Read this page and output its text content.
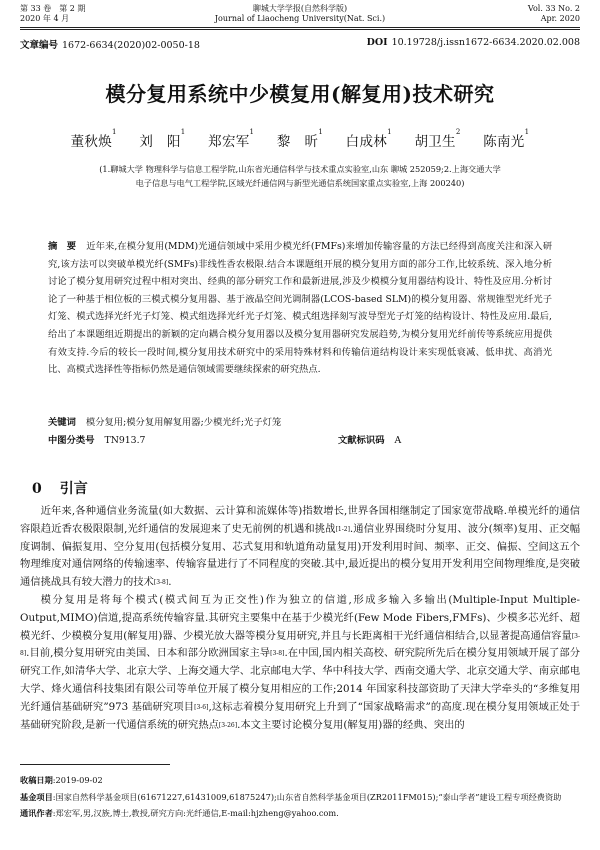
第 33 卷　第 2 期
2020 年 4 月
聊城大学学报(自然科学版)
Journal of Liaocheng University(Nat. Sci.)
Vol. 33 No. 2
Apr. 2020
文章编号 1672-6634(2020)02-0050-18	DOI 10.19728/j.issn1672-6634.2020.02.008
模分复用系统中少模复用(解复用)技术研究
董秋焕$^1$ 刘　阳$^1$ 郑宏军$^1$ 黎　昕$^1$ 白成林$^1$ 胡卫生$^2$ 陈南光$^1$
(1.聊城大学 物理科学与信息工程学院,山东省光通信科学与技术重点实验室,山东 聊城 252059;2.上海交通大学
电子信息与电气工程学院,区域光纤通信网与新型光通信系统国家重点实验室,上海 200240)
摘　要 近年来,在模分复用(MDM)光通信领域中采用少模光纤(FMFs)来增加传输容量的方法已经得到高度关注和深入研究,该方法可以突破单模光纤(SMFs)非线性香农极限.结合本课题组开展的模分复用方面的部分工作,比较系统、深入地分析讨论了模分复用研究过程中相对突出、经典的部分研究工作和最新进展,涉及少模模分复用器结构设计、特性及应用.分析讨论了一种基于相位板的三模式模分复用器、基于液晶空间光调制器(LCOS-based SLM)的模分复用器、常规锥型光纤光子灯笼、模式选择光纤光子灯笼、模式组选择光纤光子灯笼、模式组选择刻写波导型光子灯笼的结构设计、特性及应用.最后,给出了本课题组近期提出的新颖的定向耦合模分复用器以及模分复用器研究发展趋势,为模分复用光纤前传等系统应用提供有效支持.今后的较长一段时间,模分复用技术研究中的采用特殊材料和传输信道结构设计来实现低衰减、低串扰、高消光比、高模式选择性等指标仍然是通信领域需要继续探索的研究热点.
关键词 模分复用;模分复用解复用器;少模光纤;光子灯笼
中图分类号 TN913.7	文献标识码 A
0 引言

近年来,各种通信业务流量(如大数据、云计算和流媒体等)指数增长,世界各国相继制定了国家宽带战略.单模光纤的通信容限趋近香农极限限制,光纤通信的发展迎来了史无前例的机遇和挑战[1-2].通信业界围绕时分复用、波分(频率)复用、正交幅度调制、偏振复用、空分复用(包括模分复用、芯式复用和轨道角动量复用)开发利用时间、频率、正交、偏振、空间这五个物理维度对通信网络的传输速率、传输容量进行了不同程度的突破.其中,最近提出的模分复用开发利用空间物理维度,是突破通信挑战具有较大潜力的技术[3-8].

模分复用是将每个模式(模式间互为正交性)作为独立的信道,形成多输入多输出(Multiple-Input Multiple-Output,MIMO)信道,提高系统传输容量.其研究主要集中在基于少模光纤(Few Mode Fibers,FMFs)、少模多芯光纤、超模光纤、少模模分复用(解复用)器、少模光放大器等模分复用研究,并且与长距离相干光纤通信相结合,以显著提高通信容量[3-8].目前,模分复用研究由美国、日本和部分欧洲国家主导[3-8].在中国,国内相关高校、研究院所先后在模分复用领域开展了部分研究工作,如清华大学、北京大学、上海交通大学、北京邮电大学、华中科技大学、西南交通大学、北京交通大学、南京邮电大学、烽火通信科技集团有限公司等单位开展了模分复用相应的工作;2014 年国家科技部资助了天津大学牵头的“多维复用光纤通信基础研究”973 基础研究项目[3-6],这标志着模分复用研究上升到了“国家战略需求”的高度.现在模分复用领域正处于基础研究阶段,是新一代通信系统的研究热点[3-26].本文主要讨论模分复用(解复用)器的经典、突出的

收稿日期:2019-09-02
基金项目:国家自然科学基金项目(61671227,61431009,61875247);山东省自然科学基金项目(ZR2011FM015);“泰山学者”建设工程专项经费资助
通讯作者:郑宏军,男,汉族,博士,教授,研究方向:光纤通信,E-mail:hjzheng@yahoo.com.
